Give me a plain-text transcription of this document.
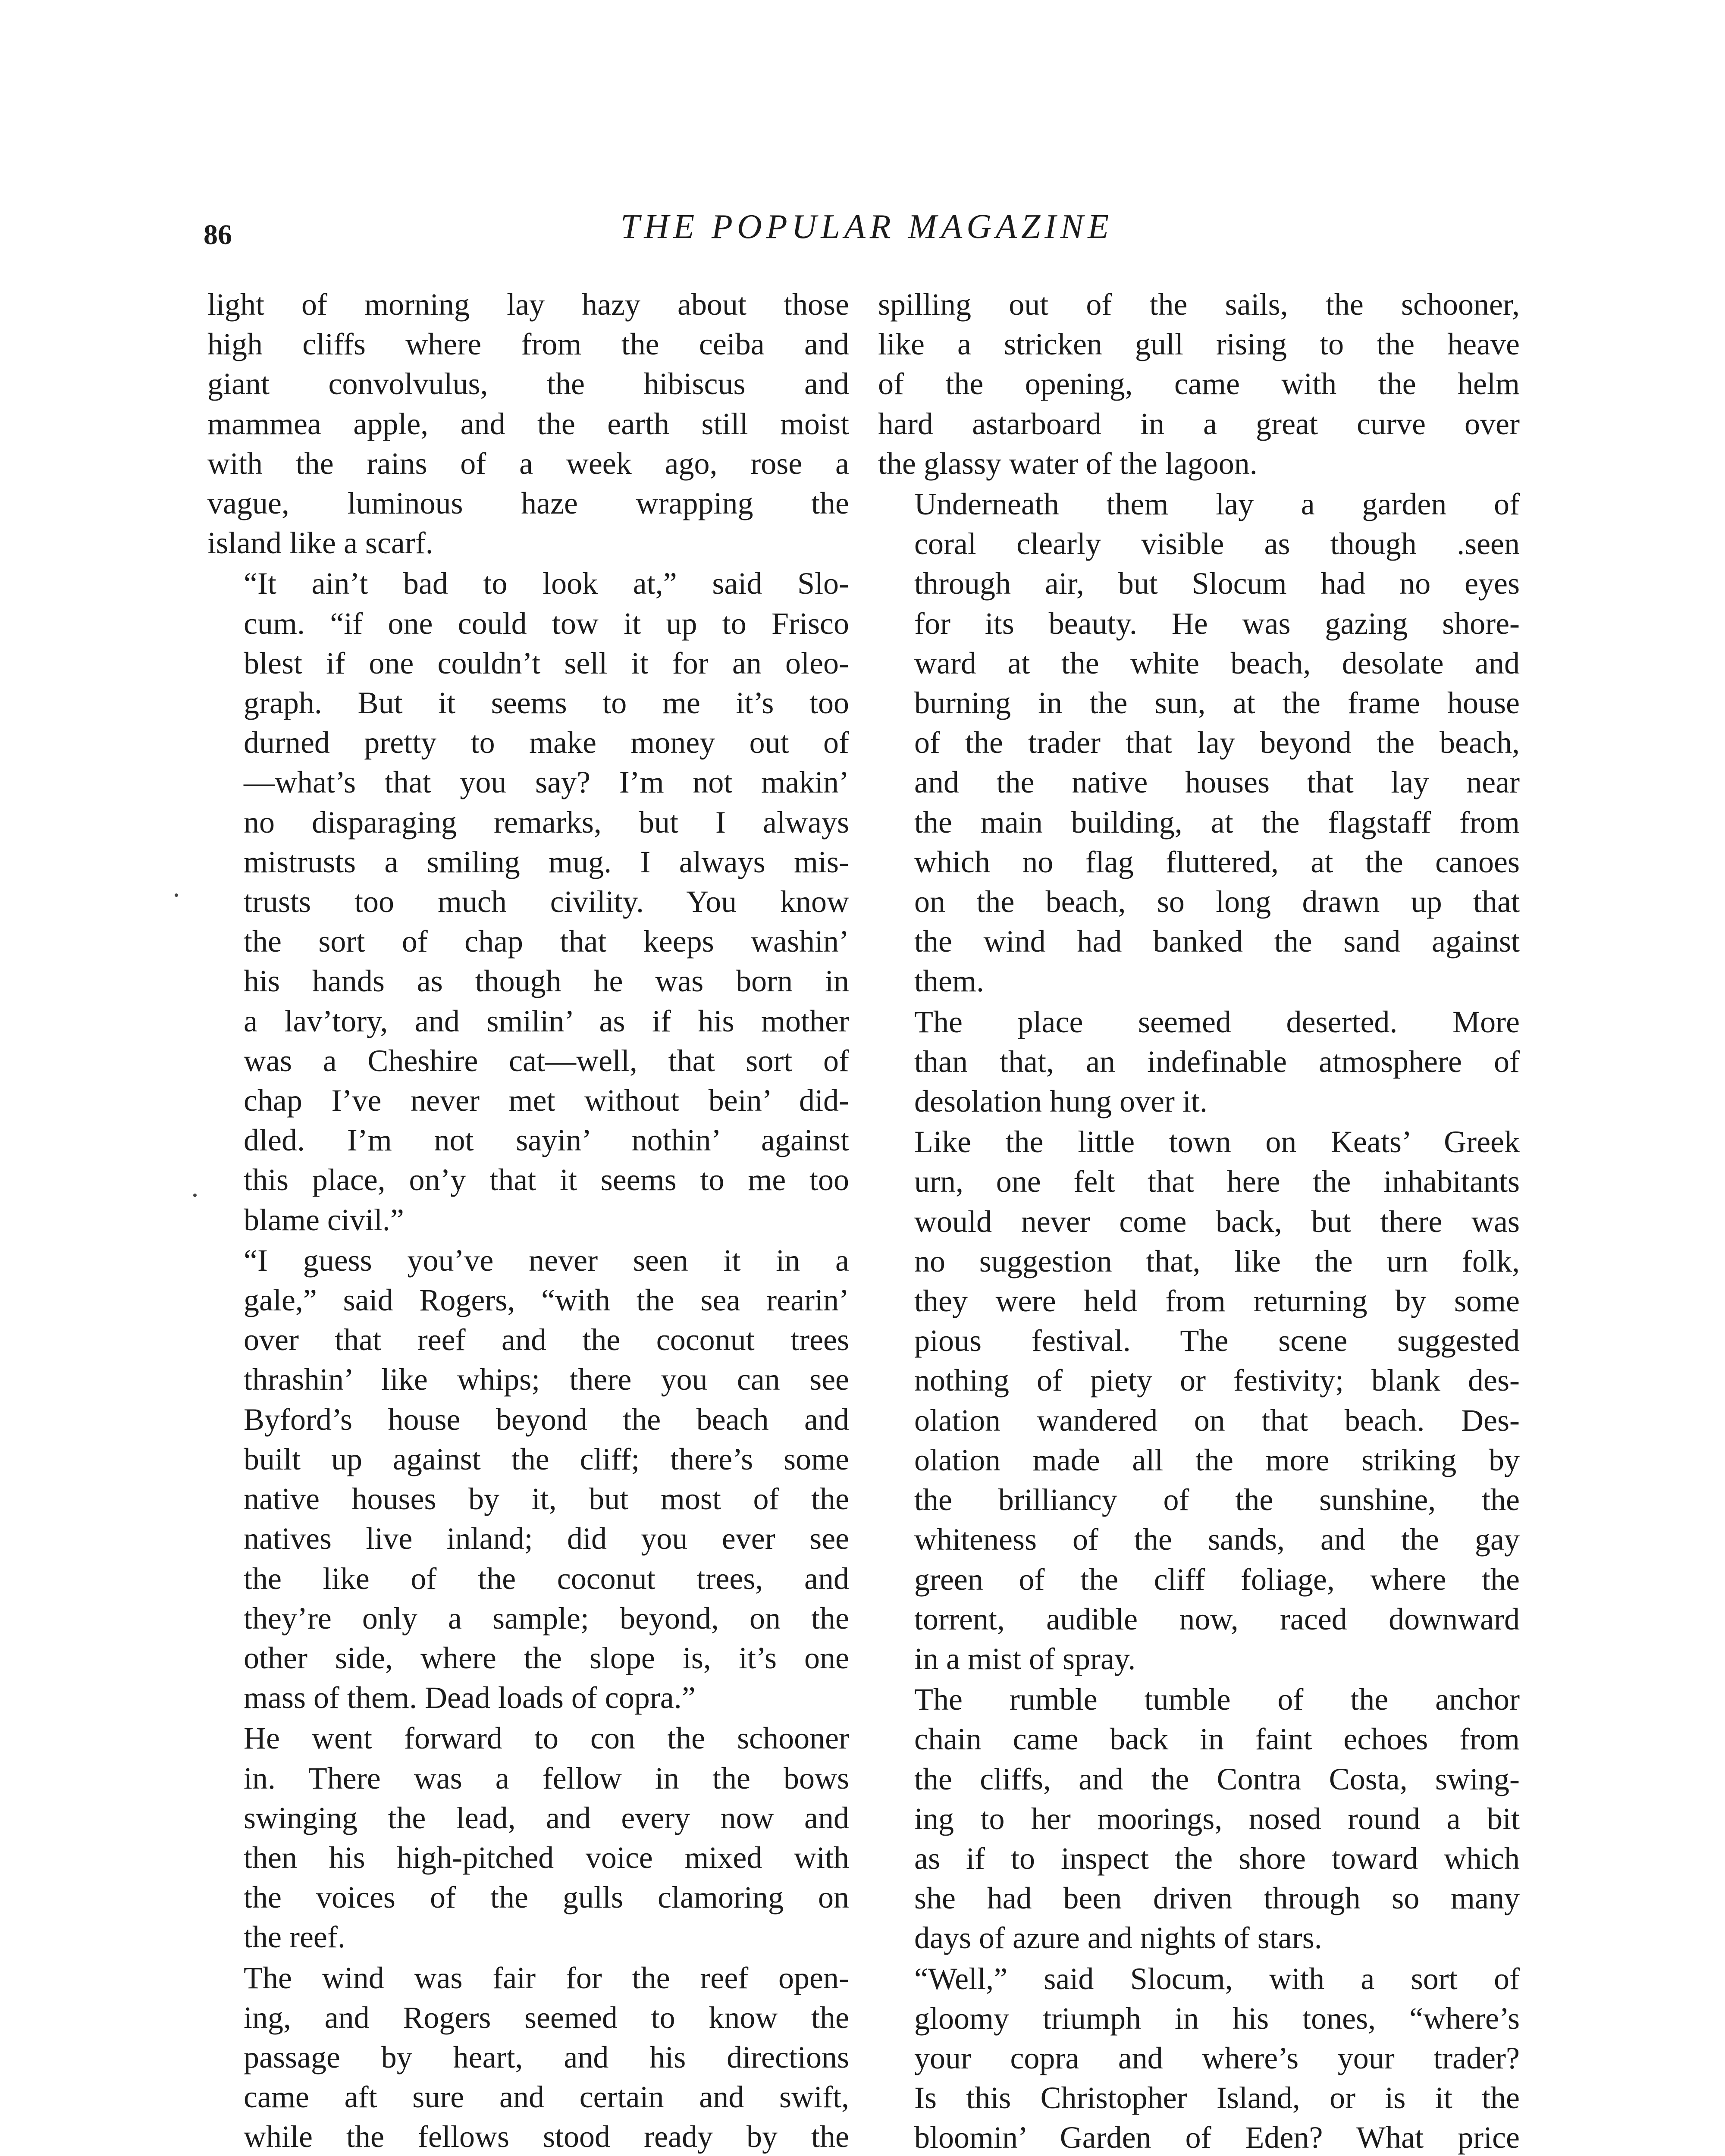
86	THE POPULAR MAGAZINE

light of morning lay hazy about those
high cliffs where from the ceiba and
giant convolvulus, the hibiscus and
mammea apple, and the earth still moist
with the rains of a week ago, rose a
vague, luminous haze wrapping the
island like a scarf.

“It ain’t bad to look at,” said Slo-
cum. “if one could tow it up to Frisco
blest if one couldn’t sell it for an oleo-
graph. But it seems to me it’s too
durned pretty to make money out of
—what’s that you say? I’m not makin’
no disparaging remarks, but I always
mistrusts a smiling mug. I always mis-
trusts too much civility. You know
the sort of chap that keeps washin’
his hands as though he was born in
a lav’tory, and smilin’ as if his mother
was a Cheshire cat—well, that sort of
chap I’ve never met without bein’ did-
dled. I’m not sayin’ nothin’ against
this place, on’y that it seems to me too
blame civil.”

“I guess you’ve never seen it in a
gale,” said Rogers, “with the sea rearin’
over that reef and the coconut trees
thrashin’ like whips; there you can see
Byford’s house beyond the beach and
built up against the cliff; there’s some
native houses by it, but most of the
natives live inland; did you ever see
the like of the coconut trees, and
they’re only a sample; beyond, on the
other side, where the slope is, it’s one
mass of them. Dead loads of copra.”

He went forward to con the schooner
in. There was a fellow in the bows
swinging the lead, and every now and
then his high-pitched voice mixed with
the voices of the gulls clamoring on
the reef.

The wind was fair for the reef open-
ing, and Rogers seemed to know the
passage by heart, and his directions
came aft sure and certain and swift,
while the fellows stood ready by the

spilling out of the sails, the schooner,
like a stricken gull rising to the heave
of the opening, came with the helm
hard astarboard in a great curve over
the glassy water of the lagoon.

Underneath them lay a garden of
coral clearly visible as though .seen
through air, but Slocum had no eyes
for its beauty. He was gazing shore-
ward at the white beach, desolate and
burning in the sun, at the frame house
of the trader that lay beyond the beach,
and the native houses that lay near
the main building, at the flagstaff from
which no flag fluttered, at the canoes
on the beach, so long drawn up that
the wind had banked the sand against
them.

The place seemed deserted. More
than that, an indefinable atmosphere of
desolation hung over it.

Like the little town on Keats’ Greek
urn, one felt that here the inhabitants
would never come back, but there was
no suggestion that, like the urn folk,
they were held from returning by some
pious festival. The scene suggested
nothing of piety or festivity; blank des-
olation wandered on that beach. Des-
olation made all the more striking by
the brilliancy of the sunshine, the
whiteness of the sands, and the gay
green of the cliff foliage, where the
torrent, audible now, raced downward
in a mist of spray.

The rumble tumble of the anchor
chain came back in faint echoes from
the cliffs, and the Contra Costa, swing-
ing to her moorings, nosed round a bit
as if to inspect the shore toward which
she had been driven through so many
days of azure and nights of stars.

“Well,” said Slocum, with a sort of
gloomy triumph in his tones, “where’s
your copra and where’s your trader?
Is this Christopher Island, or is it the
bloomin’ Garden of Eden? What price
